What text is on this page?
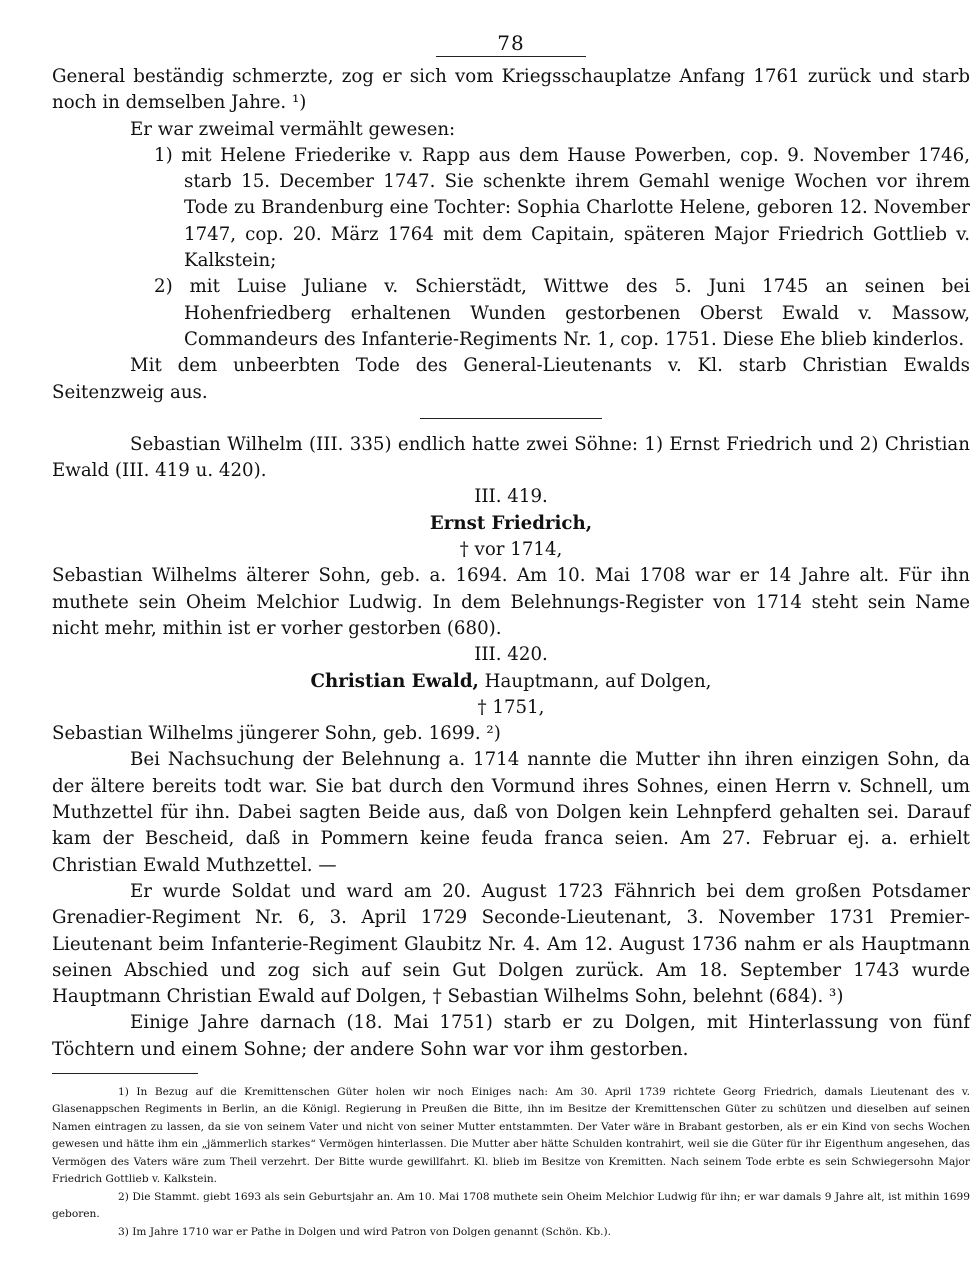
78

General beständig schmerzte, zog er sich vom Kriegsschauplatze Anfang 1761 zurück und starb noch in demselben Jahre. ¹)

Er war zweimal vermählt gewesen:

1) mit Helene Friederike v. Rapp aus dem Hause Powerben, cop. 9. November 1746, starb 15. December 1747. Sie schenkte ihrem Gemahl wenige Wochen vor ihrem Tode zu Brandenburg eine Tochter: Sophia Charlotte Helene, geboren 12. November 1747, cop. 20. März 1764 mit dem Capitain, späteren Major Friedrich Gottlieb v. Kalkstein;

2) mit Luise Juliane v. Schierstädt, Wittwe des 5. Juni 1745 an seinen bei Hohenfriedberg erhaltenen Wunden gestorbenen Oberst Ewald v. Massow, Commandeurs des Infanterie-Regiments Nr. 1, cop. 1751. Diese Ehe blieb kinderlos.

Mit dem unbeerbten Tode des General-Lieutenants v. Kl. starb Christian Ewalds Seitenzweig aus.

Sebastian Wilhelm (III. 335) endlich hatte zwei Söhne: 1) Ernst Friedrich und 2) Christian Ewald (III. 419 u. 420).

III. 419.

Ernst Friedrich,

† vor 1714,

Sebastian Wilhelms älterer Sohn, geb. a. 1694. Am 10. Mai 1708 war er 14 Jahre alt. Für ihn muthete sein Oheim Melchior Ludwig. In dem Belehnungs-Register von 1714 steht sein Name nicht mehr, mithin ist er vorher gestorben (680).

III. 420.

Christian Ewald, Hauptmann, auf Dolgen,

† 1751,

Sebastian Wilhelms jüngerer Sohn, geb. 1699. ²)

Bei Nachsuchung der Belehnung a. 1714 nannte die Mutter ihn ihren einzigen Sohn, da der ältere bereits todt war. Sie bat durch den Vormund ihres Sohnes, einen Herrn v. Schnell, um Muthzettel für ihn. Dabei sagten Beide aus, daß von Dolgen kein Lehnpferd gehalten sei. Darauf kam der Bescheid, daß in Pommern keine feuda franca seien. Am 27. Februar ej. a. erhielt Christian Ewald Muthzettel. —

Er wurde Soldat und ward am 20. August 1723 Fähnrich bei dem großen Potsdamer Grenadier-Regiment Nr. 6, 3. April 1729 Seconde-Lieutenant, 3. November 1731 Premier-Lieutenant beim Infanterie-Regiment Glaubitz Nr. 4. Am 12. August 1736 nahm er als Hauptmann seinen Abschied und zog sich auf sein Gut Dolgen zurück. Am 18. September 1743 wurde Hauptmann Christian Ewald auf Dolgen, † Sebastian Wilhelms Sohn, belehnt (684). ³)

Einige Jahre darnach (18. Mai 1751) starb er zu Dolgen, mit Hinterlassung von fünf Töchtern und einem Sohne; der andere Sohn war vor ihm gestorben.

1) In Bezug auf die Kremittenschen Güter holen wir noch Einiges nach: Am 30. April 1739 richtete Georg Friedrich, damals Lieutenant des v. Glasenappschen Regiments in Berlin, an die Königl. Regierung in Preußen die Bitte, ihn im Besitze der Kremittenschen Güter zu schützen und dieselben auf seinen Namen eintragen zu lassen, da sie von seinem Vater und nicht von seiner Mutter entstammten. Der Vater wäre in Brabant gestorben, als er ein Kind von sechs Wochen gewesen und hätte ihm ein „jämmerlich starkes“ Vermögen hinterlassen. Die Mutter aber hätte Schulden kontrahirt, weil sie die Güter für ihr Eigenthum angesehen, das Vermögen des Vaters wäre zum Theil verzehrt. Der Bitte wurde gewillfahrt. Kl. blieb im Besitze von Kremitten. Nach seinem Tode erbte es sein Schwiegersohn Major Friedrich Gottlieb v. Kalkstein.

2) Die Stammt. giebt 1693 als sein Geburtsjahr an. Am 10. Mai 1708 muthete sein Oheim Melchior Ludwig für ihn; er war damals 9 Jahre alt, ist mithin 1699 geboren.

3) Im Jahre 1710 war er Pathe in Dolgen und wird Patron von Dolgen genannt (Schön. Kb.).
